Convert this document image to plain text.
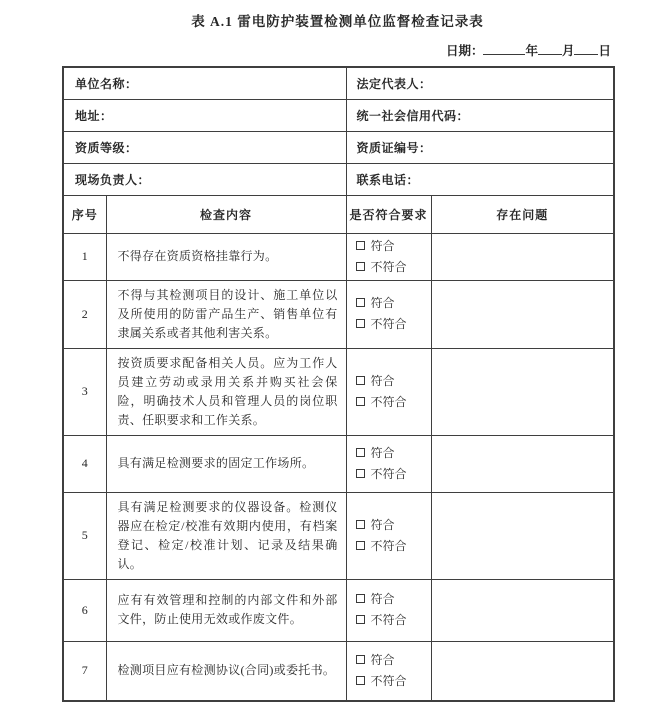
表 A.1 雷电防护装置检测单位监督检查记录表
日期：	年 月 日
单位名称：		法定代表人：	
地址：		统一社会信用代码：	
资质等级：		资质证编号：	
现场负责人：		联系电话：	
序号	检查内容	是否符合要求	存在问题
1	不得存在资质资格挂靠行为。	符合
不符合	

2	不得与其检测项目的设计、施工单位以及所使用的防雷产品生产、销售单位有隶属关系或者其他利害关系。	符合
不符合	

3	按资质要求配备相关人员。应为工作人员建立劳动或录用关系并购买社会保险，明确技术人员和管理人员的岗位职责、任职要求和工作关系。	符合
不符合	

4	具有满足检测要求的固定工作场所。	符合
不符合	

5	具有满足检测要求的仪器设备。检测仪器应在检定/校准有效期内使用，有档案登记、检定/校准计划、记录及结果确认。	符合
不符合	

6	应有有效管理和控制的内部文件和外部文件，防止使用无效或作废文件。	符合
不符合	

7	检测项目应有检测协议(合同)或委托书。	符合
不符合	
